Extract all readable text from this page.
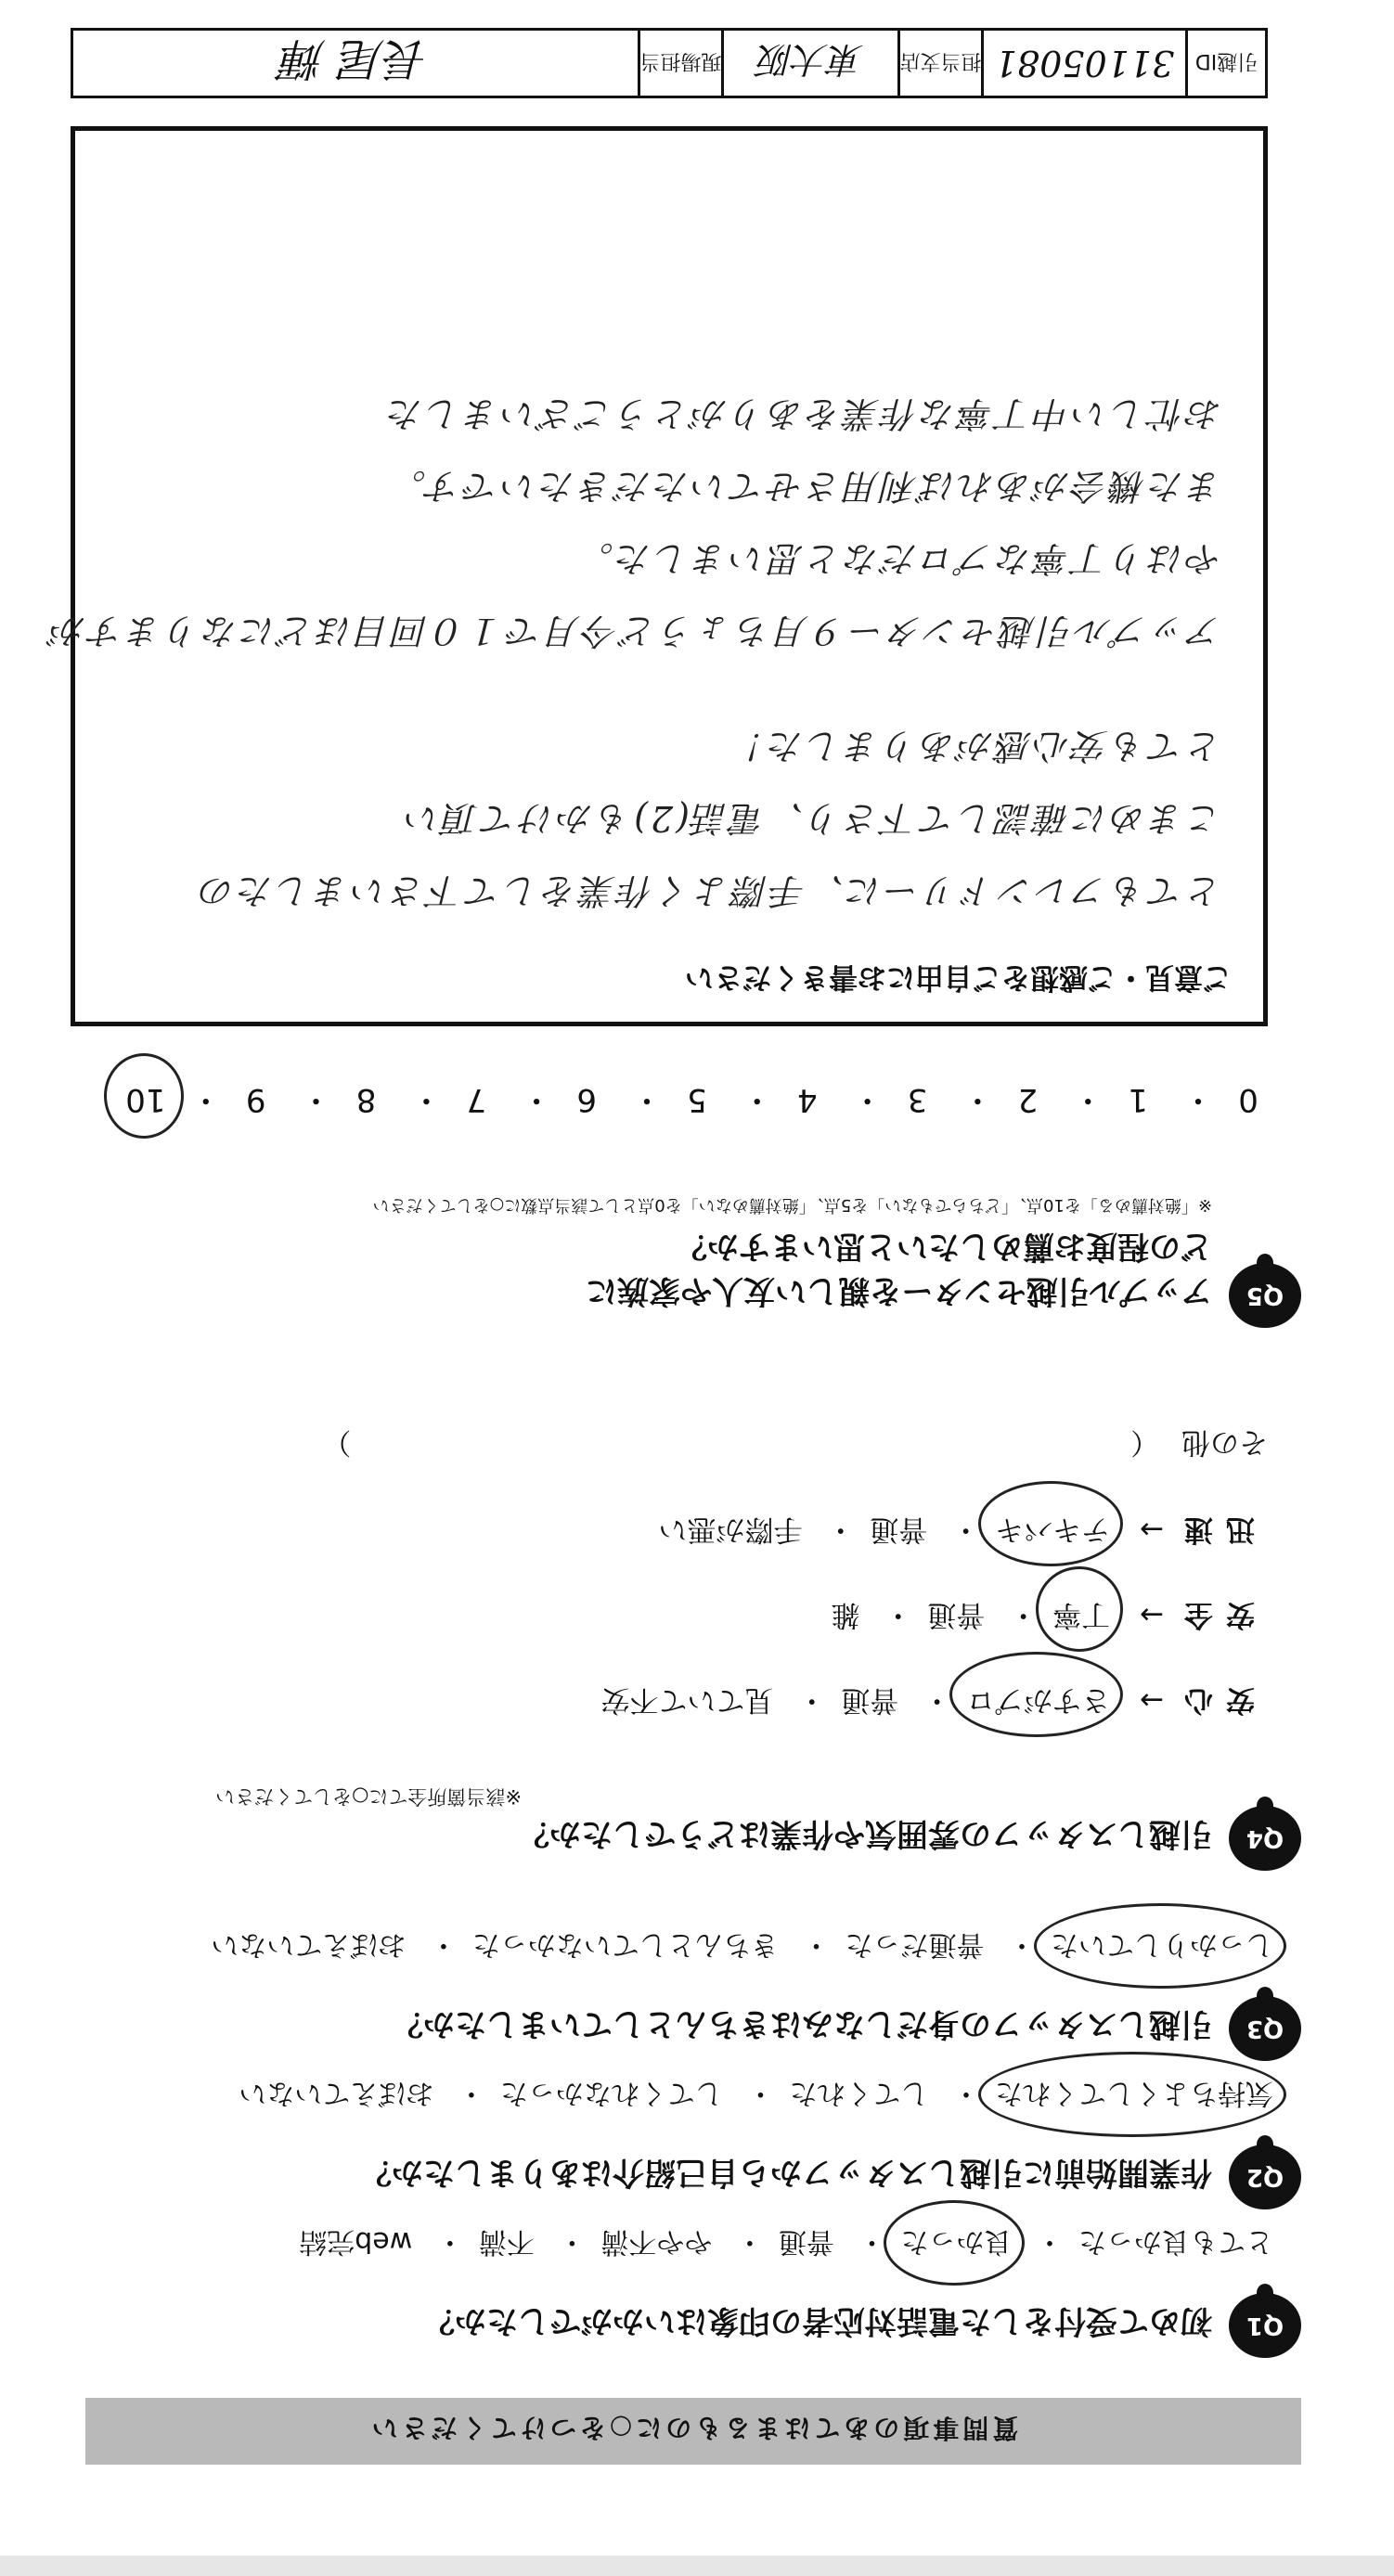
質問事項のあてはまるものに○をつけてください
Q1
初めて受付をした電話対応者の印象はいかがでしたか？
とても良かった・ 良かった・ 普通・ やや不満・ 不満・ web完結
Q2
作業開始前に引越しスタッフから自己紹介はありましたか？
気持ちよくしてくれた・ してくれた・ してくれなかった・ おぼえていない
Q3
引越しスタッフの身だしなみはきちんとしていましたか？
しっかりしていた・ 普通だった・ きちんとしていなかった・ おぼえていない
Q4
引越しスタッフの雰囲気や作業はどうでしたか？
※該当箇所全てに○をしてください
安心→ さすがプロ・ 普通・ 見ていて不安
安全→ 丁寧・ 普通・ 雑
迅速→ テキパキ・ 普通・ 手際が悪い
その他 （  ）
Q5
アップル引越センターを親しい友人や家族に
どの程度お薦めしたいと思いますか？
※「絶対薦める」を10点、「どちらでもない」を5点、「絶対薦めない」を0点として該当点数に○をしてください
0・ 1・ 2・ 3・ 4・ 5・ 6・ 7・ 8・ 9・ 10
ご意見・ご感想をご自由にお書きください
とてもフレンドリーに、手際よく作業をして下さいましたの
こまめに確認して下さり、電話(2)もかけて頂い
とても安心感がありました！
アップル引越センター９月ちょうど今月で１０回目ほどになりますが
やはり丁寧なプロだなと思いました。
また機会があれば利用させていただきたいです。
お忙しい中丁寧な作業をありがとうございました
引越ID
31105081
担当支店
東大阪
現場担当
長尾 輝
